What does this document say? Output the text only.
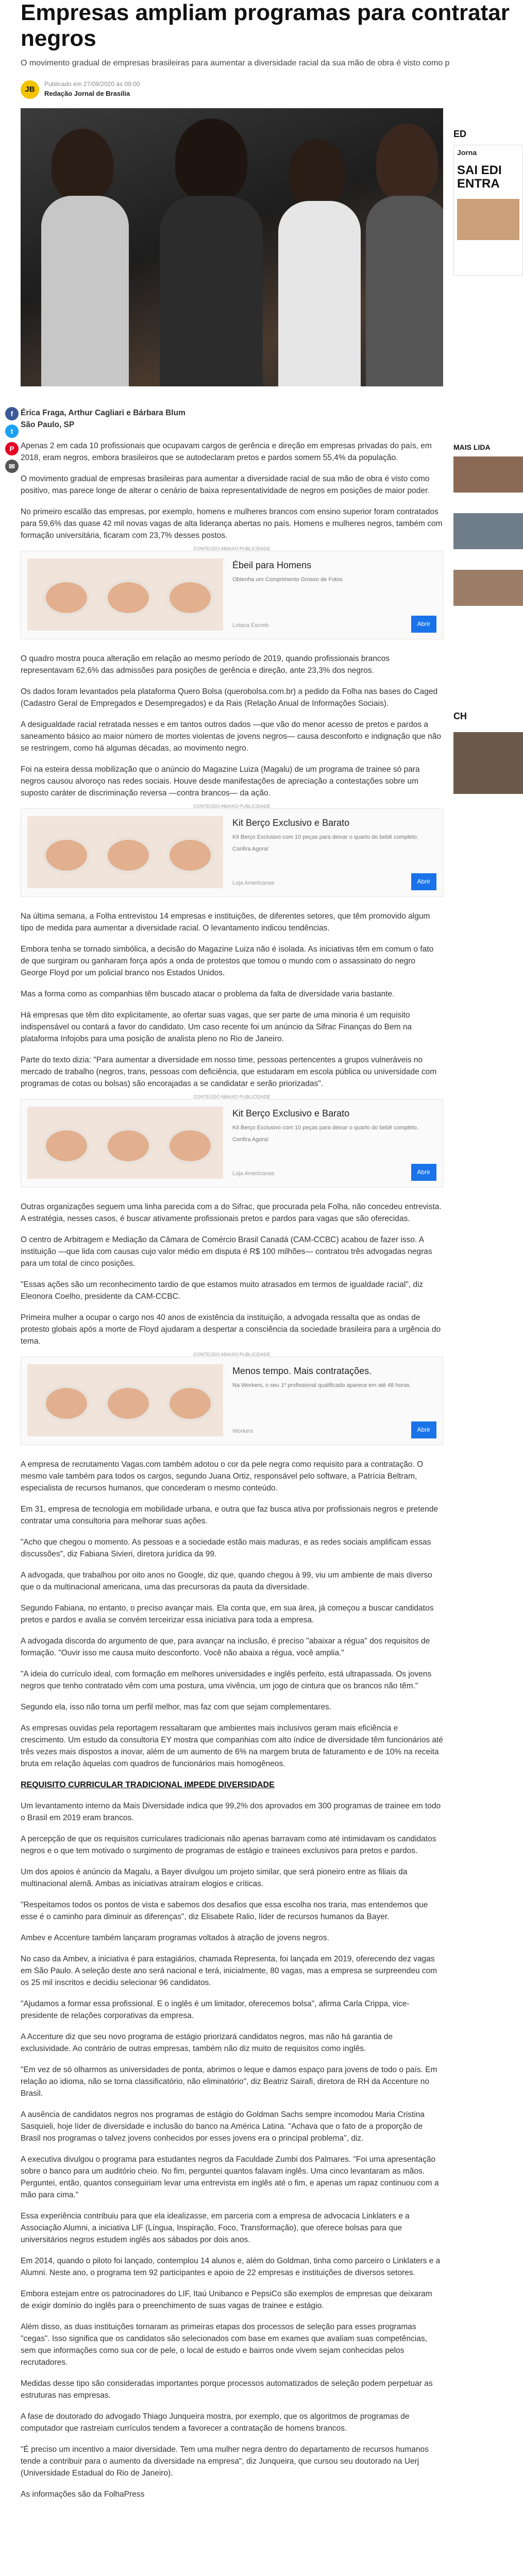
Empresas ampliam programas para contratar negros

O movimento gradual de empresas brasileiras para aumentar a diversidade racial da sua mão de obra é visto como p

JB
Publicado em 27/09/2020 às 09:00
Redação Jornal de Brasília
f
t
P
✉

Érica Fraga, Arthur Cagliari e Bárbara Blum
São Paulo, SP

Apenas 2 em cada 10 profissionais que ocupavam cargos de gerência e direção em empresas privadas do país, em 2018, eram negros, embora brasileiros que se autodeclaram pretos e pardos somem 55,4% da população.

O movimento gradual de empresas brasileiras para aumentar a diversidade racial de sua mão de obra é visto como positivo, mas parece longe de alterar o cenário de baixa representatividade de negros em posições de maior poder.

No primeiro escalão das empresas, por exemplo, homens e mulheres brancos com ensino superior foram contratados para 59,6% das quase 42 mil novas vagas de alta liderança abertas no país. Homens e mulheres negros, também com formação universitária, ficaram com 23,7% desses postos.

CONTEÚDO ABAIXO PUBLICIDADE
Ébeil para Homens
Obtenha um Comprimento Grosso de Fotos
Loiana Escreb	Abrir

O quadro mostra pouca alteração em relação ao mesmo período de 2019, quando profissionais brancos representavam 62,6% das admissões para posições de gerência e direção, ante 23,3% dos negros.

Os dados foram levantados pela plataforma Quero Bolsa (querobolsa.com.br) a pedido da Folha nas bases do Caged (Cadastro Geral de Empregados e Desempregados) e da Rais (Relação Anual de Informações Sociais).

A desigualdade racial retratada nesses e em tantos outros dados —que vão do menor acesso de pretos e pardos a saneamento básico ao maior número de mortes violentas de jovens negros— causa desconforto e indignação que não se restringem, como há algumas décadas, ao movimento negro.

Foi na esteira dessa mobilização que o anúncio do Magazine Luiza (Magalu) de um programa de trainee só para negros causou alvoroço nas redes sociais. Houve desde manifestações de apreciação a contestações sobre um suposto caráter de discriminação reversa —contra brancos— da ação.

CONTEÚDO ABAIXO PUBLICIDADE
Kit Berço Exclusivo e Barato
Kit Berço Exclusivo com 10 peças para deixar o quarto do bebê completo. Confira Agora!
Loja Americanas	Abrir

Na última semana, a Folha entrevistou 14 empresas e instituições, de diferentes setores, que têm promovido algum tipo de medida para aumentar a diversidade racial. O levantamento indicou tendências.

Embora tenha se tornado simbólica, a decisão do Magazine Luiza não é isolada. As iniciativas têm em comum o fato de que surgiram ou ganharam força após a onda de protestos que tomou o mundo com o assassinato do negro George Floyd por um policial branco nos Estados Unidos.

Mas a forma como as companhias têm buscado atacar o problema da falta de diversidade varia bastante.

Há empresas que têm dito explicitamente, ao ofertar suas vagas, que ser parte de uma minoria é um requisito indispensável ou contará a favor do candidato. Um caso recente foi um anúncio da Sifrac Finanças do Bem na plataforma Infojobs para uma posição de analista pleno no Rio de Janeiro.

Parte do texto dizia: "Para aumentar a diversidade em nosso time, pessoas pertencentes a grupos vulneráveis no mercado de trabalho (negros, trans, pessoas com deficiência, que estudaram em escola pública ou universidade com programas de cotas ou bolsas) são encorajadas a se candidatar e serão priorizadas".

CONTEÚDO ABAIXO PUBLICIDADE
Kit Berço Exclusivo e Barato
Kit Berço Exclusivo com 10 peças para deixar o quarto do bebê completo. Confira Agora!
Loja Americanas	Abrir

Outras organizações seguem uma linha parecida com a do Sifrac, que procurada pela Folha, não concedeu entrevista. A estratégia, nesses casos, é buscar ativamente profissionais pretos e pardos para vagas que são oferecidas.

O centro de Arbitragem e Mediação da Câmara de Comércio Brasil Canadá (CAM-CCBC) acabou de fazer isso. A instituição —que lida com causas cujo valor médio em disputa é R$ 100 milhões— contratou três advogadas negras para um total de cinco posições.

"Essas ações são um reconhecimento tardio de que estamos muito atrasados em termos de igualdade racial", diz Eleonora Coelho, presidente da CAM-CCBC.

Primeira mulher a ocupar o cargo nos 40 anos de existência da instituição, a advogada ressalta que as ondas de protesto globais após a morte de Floyd ajudaram a despertar a consciência da sociedade brasileira para a urgência do tema.

CONTEÚDO ABAIXO PUBLICIDADE
Menos tempo. Mais contratações.
Na Workers, o seu 1º profissional qualificado aparece em até 48 horas.
Workers	Abrir

A empresa de recrutamento Vagas.com também adotou o cor da pele negra como requisito para a contratação. O mesmo vale também para todos os cargos, segundo Juana Ortiz, responsável pelo software, a Patrícia Beltram, especialista de recursos humanos, que concederam o mesmo conteúdo.

Em 31, empresa de tecnologia em mobilidade urbana, e outra que faz busca ativa por profissionais negros e pretende contratar uma consultoria para melhorar suas ações.

"Acho que chegou o momento. As pessoas e a sociedade estão mais maduras, e as redes sociais amplificam essas discussões", diz Fabiana Sivieri, diretora jurídica da 99.

A advogada, que trabalhou por oito anos no Google, diz que, quando chegou à 99, viu um ambiente de mais diverso que o da multinacional americana, uma das precursoras da pauta da diversidade.

Segundo Fabiana, no entanto, o preciso avançar mais. Ela conta que, em sua área, já começou a buscar candidatos pretos e pardos e avalia se convém terceirizar essa iniciativa para toda a empresa.

A advogada discorda do argumento de que, para avançar na inclusão, é preciso "abaixar a régua" dos requisitos de formação. "Ouvir isso me causa muito desconforto. Você não abaixa a régua, você amplia."

"A ideia do currículo ideal, com formação em melhores universidades e inglês perfeito, está ultrapassada. Os jovens negros que tenho contratado vêm com uma postura, uma vivência, um jogo de cintura que os brancos não têm."

Segundo ela, isso não torna um perfil melhor, mas faz com que sejam complementares.

As empresas ouvidas pela reportagem ressaltaram que ambientes mais inclusivos geram mais eficiência e crescimento. Um estudo da consultoria EY mostra que companhias com alto índice de diversidade têm funcionários até três vezes mais dispostos a inovar, além de um aumento de 6% na margem bruta de faturamento e de 10% na receita bruta em relação àquelas com quadros de funcionários mais homogêneos.

REQUISITO CURRICULAR TRADICIONAL IMPEDE DIVERSIDADE

Um levantamento interno da Mais Diversidade indica que 99,2% dos aprovados em 300 programas de trainee em todo o Brasil em 2019 eram brancos.

A percepção de que os requisitos curriculares tradicionais não apenas barravam como até intimidavam os candidatos negros e o que tem motivado o surgimento de programas de estágio e trainees exclusivos para pretos e pardos.

Um dos apoios é anúncio da Magalu, a Bayer divulgou um projeto similar, que será pioneiro entre as filiais da multinacional alemã. Ambas as iniciativas atraíram elogios e críticas.

"Respeitamos todos os pontos de vista e sabemos dos desafios que essa escolha nos traria, mas entendemos que esse é o caminho para diminuir as diferenças", diz Elisabete Ralio, líder de recursos humanos da Bayer.

Ambev e Accenture também lançaram programas voltados à atração de jovens negros.

No caso da Ambev, a iniciativa é para estagiários, chamada Representa, foi lançada em 2019, oferecendo dez vagas em São Paulo. A seleção deste ano será nacional e terá, inicialmente, 80 vagas, mas a empresa se surpreendeu com os 25 mil inscritos e decidiu selecionar 96 candidatos.

"Ajudamos a formar essa profissional. E o inglês é um limitador, oferecemos bolsa", afirma Carla Crippa, vice-presidente de relações corporativas da empresa.

A Accenture diz que seu novo programa de estágio priorizará candidatos negros, mas não há garantia de exclusividade. Ao contrário de outras empresas, também não diz muito de requisitos como inglês.

"Em vez de só olharmos as universidades de ponta, abrimos o leque e damos espaço para jovens de todo o país. Em relação ao idioma, não se torna classificatório, não eliminatório", diz Beatriz Sairafi, diretora de RH da Accenture no Brasil.

A ausência de candidatos negros nos programas de estágio do Goldman Sachs sempre incomodou Maria Cristina Sasquieli, hoje líder de diversidade e inclusão do banco na América Latina. "Achava que o fato de a proporção de Brasil nos programas o talvez jovens conhecidos por esses jovens era o principal problema", diz.

A executiva divulgou o programa para estudantes negros da Faculdade Zumbi dos Palmares. "Foi uma apresentação sobre o banco para um auditório cheio. No fim, perguntei quantos falavam inglês. Uma cinco levantaram as mãos. Perguntei, então, quantos conseguiriam levar uma entrevista em inglês até o fim, e apenas um rapaz continuou com a mão para cima."

Essa experiência contribuiu para que ela idealizasse, em parceria com a empresa de advocacia Linklaters e a Associação Alumni, a iniciativa LIF (Língua, Inspiração, Foco, Transformação), que oferece bolsas para que universitários negros estudem inglês aos sábados por dois anos.

Em 2014, quando o piloto foi lançado, contemplou 14 alunos e, além do Goldman, tinha como parceiro o Linklaters e a Alumni. Neste ano, o programa tem 92 participantes e apoio de 22 empresas e instituições de diversos setores.

Embora estejam entre os patrocinadores do LIF, Itaú Unibanco e PepsiCo são exemplos de empresas que deixaram de exigir domínio do inglês para o preenchimento de suas vagas de trainee e estágio.

Além disso, as duas instituições tornaram as primeiras etapas dos processos de seleção para esses programas "cegas". Isso significa que os candidatos são selecionados com base em exames que avaliam suas competências, sem que informações como sua cor de pele, o local de estudo e bairros onde vivem sejam conhecidas pelos recrutadores.

Medidas desse tipo são consideradas importantes porque processos automatizados de seleção podem perpetuar as estruturas nas empresas.

A fase de doutorado do advogado Thiago Junqueira mostra, por exemplo, que os algoritmos de programas de computador que rastreiam currículos tendem a favorecer a contratação de homens brancos.

"É preciso um incentivo a maior diversidade. Tem uma mulher negra dentro do departamento de recursos humanos tende a contribuir para o aumento da diversidade na empresa", diz Junqueira, que cursou seu doutorado na Uerj (Universidade Estadual do Rio de Janeiro).

As informações são da FolhaPress

ED
Jorna
SAI EDI ENTRA
MAIS LIDA
CH
